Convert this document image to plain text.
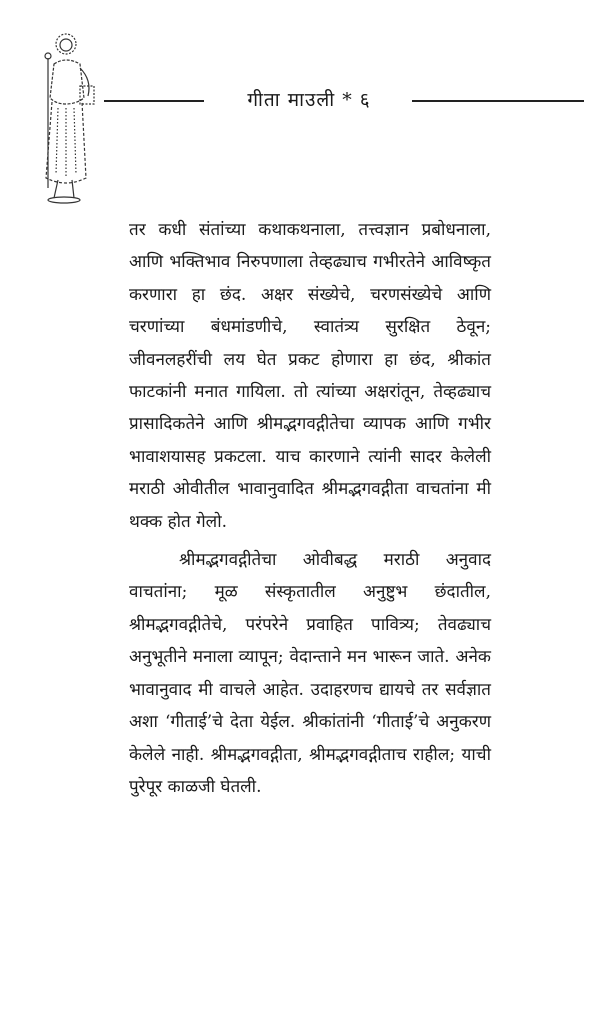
गीता माउली * ६

तर कधी संतांच्या कथाकथनाला, तत्त्वज्ञान प्रबोधनाला, आणि भक्तिभाव निरुपणाला तेव्हढ्याच गभीरतेने आविष्कृत करणारा हा छंद. अक्षर संख्येचे, चरणसंख्येचे आणि चरणांच्या बंधमांडणीचे, स्वातंत्र्य सुरक्षित ठेवून; जीवनलहरींची लय घेत प्रकट होणारा हा छंद, श्रीकांत फाटकांनी मनात गायिला. तो त्यांच्या अक्षरांतून, तेव्हढ्याच प्रासादिकतेने आणि श्रीमद्भगवद्गीतेचा व्यापक आणि गभीर भावाशयासह प्रकटला. याच कारणाने त्यांनी सादर केलेली मराठी ओवीतील भावानुवादित श्रीमद्भगवद्गीता वाचतांना मी थक्क होत गेलो.

श्रीमद्भगवद्गीतेचा ओवीबद्ध मराठी अनुवाद वाचतांना; मूळ संस्कृतातील अनुष्टुभ छंदातील, श्रीमद्भगवद्गीतेचे, परंपरेने प्रवाहित पावित्र्य; तेवढ्याच अनुभूतीने मनाला व्यापून; वेदान्ताने मन भारून जाते. अनेक भावानुवाद मी वाचले आहेत. उदाहरणच द्यायचे तर सर्वज्ञात अशा ‘गीताई’चे देता येईल. श्रीकांतांनी ‘गीताई’चे अनुकरण केलेले नाही. श्रीमद्भगवद्गीता, श्रीमद्भगवद्गीताच राहील; याची पुरेपूर काळजी घेतली.
